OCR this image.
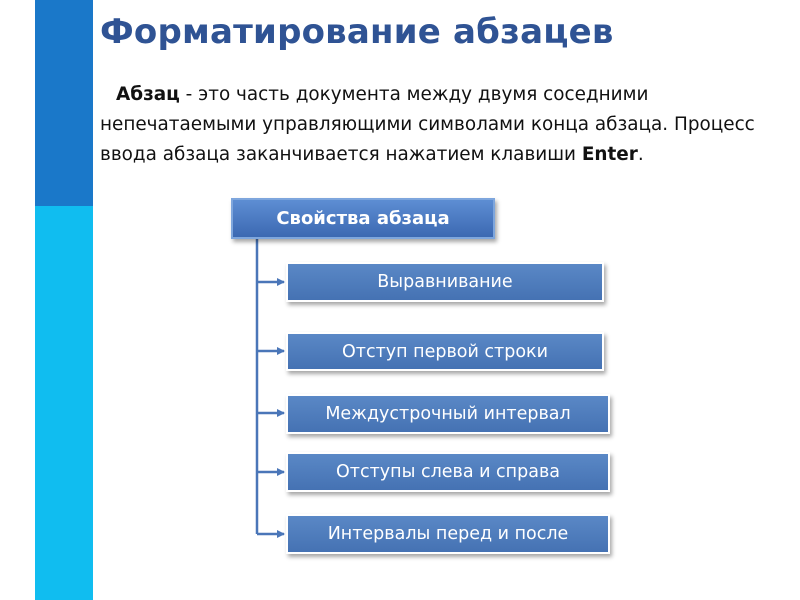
Форматирование абзацев

Абзац - это часть документа между двумя соседними непечатаемыми управляющими символами конца абзаца. Процесс ввода абзаца заканчивается нажатием клавиши Enter.

Свойства абзаца
Выравнивание
Отступ первой строки
Междустрочный интервал
Отступы слева и справа
Интервалы перед и после
